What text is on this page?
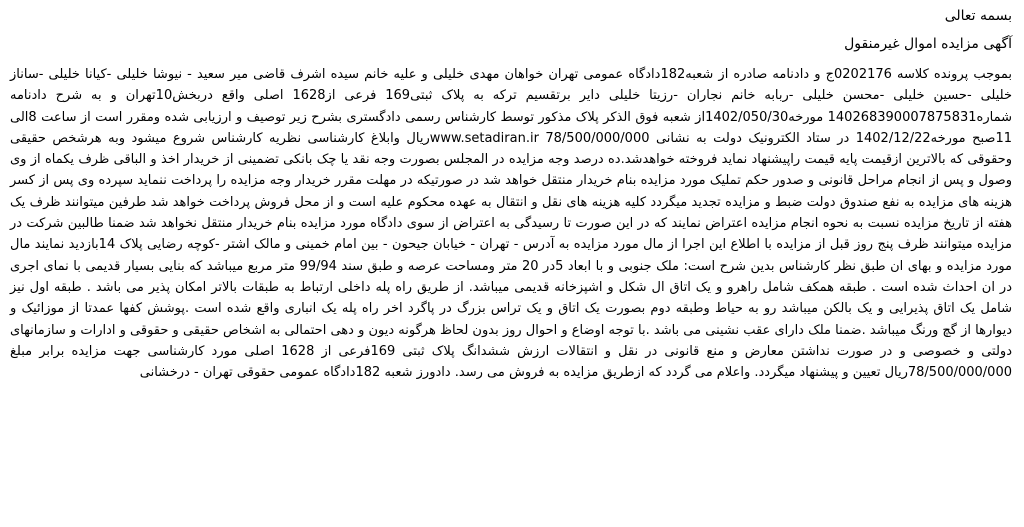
بسمه تعالی

آگهی مزایده اموال غیرمنقول

بموجب پرونده کلاسه 0202176ج و دادنامه صادره از شعبه182دادگاه عمومی تهران خواهان مهدی خلیلی و علیه خانم سیده اشرف قاضی میر سعید - نیوشا خلیلی -کیانا خلیلی -ساناز خلیلی -حسین خلیلی -محسن خلیلی -ربابه خانم نجاران -رزیتا خلیلی دایر برتقسیم ترکه به پلاک ثبتی169 فرعی از1628 اصلی واقع دربخش10تهران و به شرح دادنامه شماره140268390007875831 مورخه1402/050/30از شعبه فوق الذکر پلاک مذکور توسط کارشناس رسمی دادگستری بشرح زیر توصیف و ارزیابی شده ومقرر است از ساعت 8الی 11صبح مورخه1402/12/22 در ستاد الکترونیک دولت به نشانی www.setadiran.ir 78/500/000/000ریال وابلاغ کارشناسی نظریه کارشناس شروع میشود وبه هرشخص حقیقی وحقوقی که بالاترین ازقیمت پایه قیمت راپیشنهاد نماید فروخته خواهدشد.ده درصد وجه مزایده در المجلس بصورت وجه نقد یا چک بانکی تضمینی از خریدار اخذ و الباقی ظرف یکماه از وی وصول و پس از انجام مراحل قانونی و صدور حکم تملیک مورد مزایده بنام خریدار منتقل خواهد شد در صورتیکه در مهلت مقرر خریدار وجه مزایده را پرداخت ننماید سپرده وی پس از کسر هزینه های مزایده به نفع صندوق دولت ضبط و مزایده تجدید میگردد کلیه هزینه های نقل و انتقال به عهده محکوم علیه است و از محل فروش پرداخت خواهد شد طرفین میتوانند ظرف یک هفته از تاریخ مزایده نسبت به نحوه انجام مزایده اعتراض نمایند که در این صورت تا رسیدگی به اعتراض از سوی دادگاه مورد مزایده بنام خریدار منتقل نخواهد شد ضمنا طالبین شرکت در مزایده میتوانند ظرف پنج روز قبل از مزایده با اطلاع این اجرا از مال مورد مزایده به آدرس - تهران - خیابان جیحون - بین امام خمینی و مالک اشتر -کوچه رضایی پلاک 14بازدید نمایند مال مورد مزایده و بهای ان طبق نظر کارشناس بدین شرح است: ملک جنوبی و با ابعاد 5در 20 متر ومساحت عرصه و طبق سند 99/94 متر مربع میباشد که بنایی بسیار قدیمی با نمای اجری در ان احداث شده است . طبقه همکف شامل راهرو و یک اتاق ال شکل و اشپزخانه قدیمی میباشد. از طریق راه پله داخلی ارتباط به طبقات بالاتر امکان پذیر می باشد . طبقه اول نیز شامل یک اتاق پذیرایی و یک بالکن میباشد رو به حیاط وطبقه دوم بصورت یک اتاق و یک تراس بزرگ در پاگرد اخر راه پله یک انباری واقع شده است .پوشش کفها عمدتا از موزائیک و دیوارها از گچ ورنگ میباشد .ضمنا ملک دارای عقب نشینی می باشد .با توجه اوضاع و احوال روز بدون لحاظ هرگونه دیون و دهی احتمالی به اشخاص حقیقی و حقوقی و ادارات و سازمانهای دولتی و خصوصی و در صورت نداشتن معارض و منع قانونی در نقل و انتقالات ارزش ششدانگ پلاک ثبتی 169فرعی از 1628 اصلی مورد کارشناسی جهت مزایده برابر مبلغ 78/500/000/000ریال تعیین و پیشنهاد میگردد. واعلام می گردد که ازطریق مزایده به فروش می رسد. دادورز شعبه 182دادگاه عمومی حقوقی تهران - درخشانی
